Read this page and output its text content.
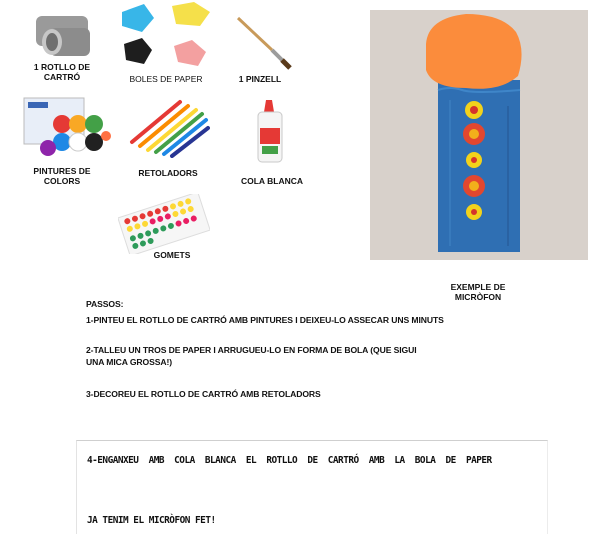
1 ROTLLO DE
CARTRÓ	BOLES DE PAPER	1 PINZELL
PINTURES DE
COLORS
RETOLADORS
COLA BLANCA
GOMETS
EXEMPLE DE
MICRÒFON
PASSOS:
1-PINTEU EL ROTLLO DE CARTRÓ AMB PINTURES I DEIXEU-LO ASSECAR UNS MINUTS
2-TALLEU UN TROS DE PAPER I ARRUGUEU-LO EN FORMA DE BOLA (QUE SIGUI
UNA MICA GROSSA!)
3-DECOREU EL ROTLLO DE CARTRÓ AMB RETOLADORS
4-ENGANXEU AMB COLA BLANCA EL ROTLLO DE CARTRÓ AMB LA BOLA DE PAPER
JA TENIM EL MICRÒFON FET!
